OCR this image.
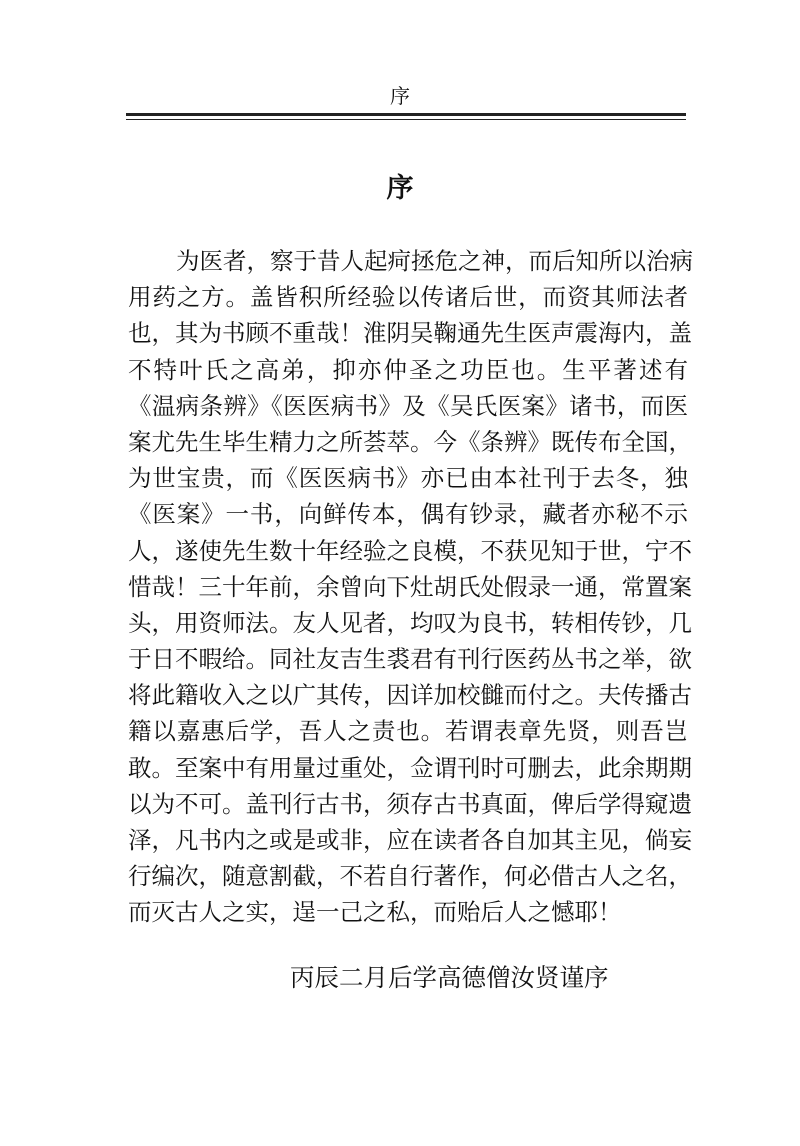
序
序
为医者，察于昔人起疴拯危之神，而后知所以治病
用药之方。盖皆积所经验以传诸后世，而资其师法者
也，其为书顾不重哉！淮阴吴鞠通先生医声震海内，盖
不特叶氏之高弟，抑亦仲圣之功臣也。生平著述有
《温病条辨》《医医病书》及《吴氏医案》诸书，而医
案尤先生毕生精力之所荟萃。今《条辨》既传布全国，
为世宝贵，而《医医病书》亦已由本社刊于去冬，独
《医案》一书，向鲜传本，偶有钞录，藏者亦秘不示
人，遂使先生数十年经验之良模，不获见知于世，宁不
惜哉！三十年前，余曾向下灶胡氏处假录一通，常置案
头，用资师法。友人见者，均叹为良书，转相传钞，几
于日不暇给。同社友吉生裘君有刊行医药丛书之举，欲
将此籍收入之以广其传，因详加校雠而付之。夫传播古
籍以嘉惠后学，吾人之责也。若谓表章先贤，则吾岂
敢。至案中有用量过重处，佥谓刊时可删去，此余期期
以为不可。盖刊行古书，须存古书真面，俾后学得窥遗
泽，凡书内之或是或非，应在读者各自加其主见，倘妄
行编次，随意割截，不若自行著作，何必借古人之名，
而灭古人之实，逞一己之私，而贻后人之憾耶！
丙辰二月后学高德僧汝贤谨序
